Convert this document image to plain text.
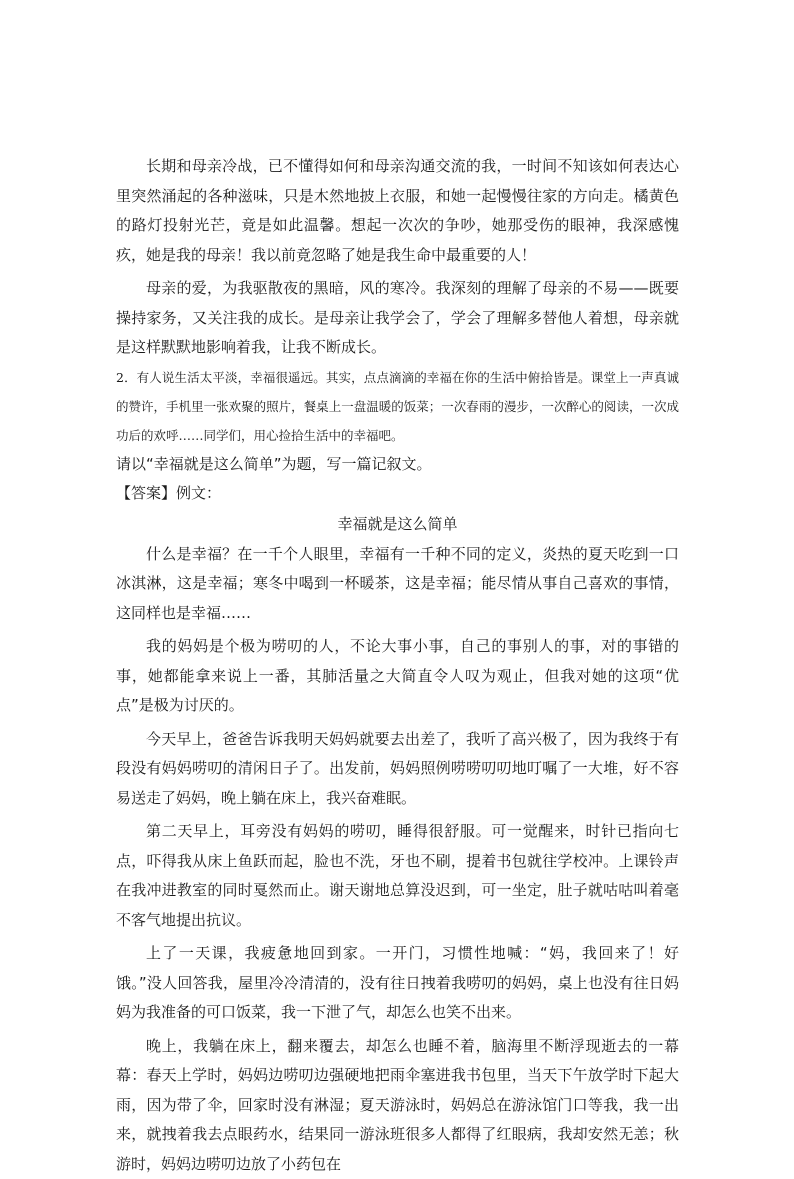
长期和母亲冷战，已不懂得如何和母亲沟通交流的我，一时间不知该如何表达心里突然涌起的各种滋味，只是木然地披上衣服，和她一起慢慢往家的方向走。橘黄色的路灯投射光芒，竟是如此温馨。想起一次次的争吵，她那受伤的眼神，我深感愧疚，她是我的母亲！我以前竟忽略了她是我生命中最重要的人！

母亲的爱，为我驱散夜的黑暗，风的寒冷。我深刻的理解了母亲的不易——既要操持家务，又关注我的成长。是母亲让我学会了，学会了理解多替他人着想，母亲就是这样默默地影响着我，让我不断成长。

2．有人说生活太平淡，幸福很遥远。其实，点点滴滴的幸福在你的生活中俯拾皆是。课堂上一声真诚的赞许，手机里一张欢聚的照片，餐桌上一盘温暖的饭菜；一次春雨的漫步，一次醉心的阅读，一次成功后的欢呼……同学们，用心捡拾生活中的幸福吧。

请以“幸福就是这么简单”为题，写一篇记叙文。

【答案】例文：

幸福就是这么简单

什么是幸福？在一千个人眼里，幸福有一千种不同的定义，炎热的夏天吃到一口冰淇淋，这是幸福；寒冬中喝到一杯暖茶，这是幸福；能尽情从事自己喜欢的事情，这同样也是幸福……

我的妈妈是个极为唠叨的人，不论大事小事，自己的事别人的事，对的事错的事，她都能拿来说上一番，其肺活量之大简直令人叹为观止，但我对她的这项“优点”是极为讨厌的。

今天早上，爸爸告诉我明天妈妈就要去出差了，我听了高兴极了，因为我终于有段没有妈妈唠叨的清闲日子了。出发前，妈妈照例唠唠叨叨地叮嘱了一大堆，好不容易送走了妈妈，晚上躺在床上，我兴奋难眠。

第二天早上，耳旁没有妈妈的唠叨，睡得很舒服。可一觉醒来，时针已指向七点，吓得我从床上鱼跃而起，脸也不洗，牙也不刷，提着书包就往学校冲。上课铃声在我冲进教室的同时戛然而止。谢天谢地总算没迟到，可一坐定，肚子就咕咕叫着毫不客气地提出抗议。

上了一天课，我疲惫地回到家。一开门，习惯性地喊：“妈，我回来了！好饿。”没人回答我，屋里冷冷清清的，没有往日拽着我唠叨的妈妈，桌上也没有往日妈妈为我准备的可口饭菜，我一下泄了气，却怎么也笑不出来。

晚上，我躺在床上，翻来覆去，却怎么也睡不着，脑海里不断浮现逝去的一幕幕：春天上学时，妈妈边唠叨边强硬地把雨伞塞进我书包里，当天下午放学时下起大雨，因为带了伞，回家时没有淋湿；夏天游泳时，妈妈总在游泳馆门口等我，我一出来，就拽着我去点眼药水，结果同一游泳班很多人都得了红眼病，我却安然无恙；秋游时，妈妈边唠叨边放了小药包在
